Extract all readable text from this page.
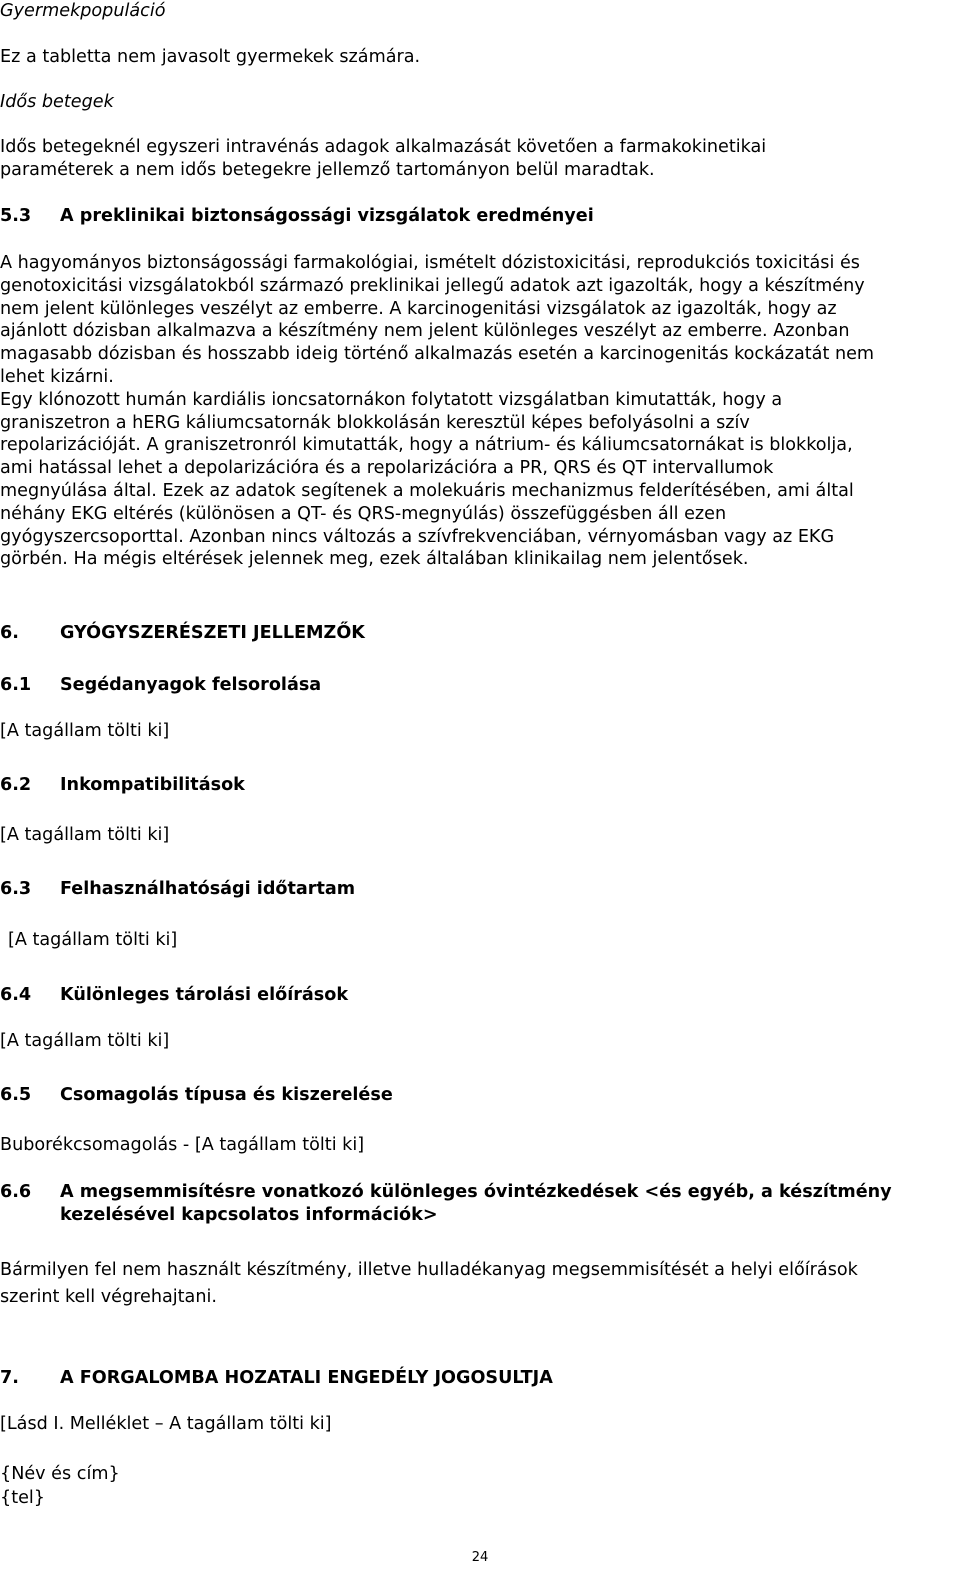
Gyermekpopuláció

Ez a tabletta nem javasolt gyermekek számára.

Idős betegek

Idős betegeknél egyszeri intravénás adagok alkalmazását követően a farmakokinetikai
paraméterek a nem idős betegekre jellemző tartományon belül maradtak.
5.3 A preklinikai biztonságossági vizsgálatok eredményei
A hagyományos biztonságossági farmakológiai, ismételt dózistoxicitási, reprodukciós toxicitási és
genotoxicitási vizsgálatokból származó preklinikai jellegű adatok azt igazolták, hogy a készítmény
nem jelent különleges veszélyt az emberre. A karcinogenitási vizsgálatok az igazolták, hogy az
ajánlott dózisban alkalmazva a készítmény nem jelent különleges veszélyt az emberre. Azonban
magasabb dózisban és hosszabb ideig történő alkalmazás esetén a karcinogenitás kockázatát nem
lehet kizárni.
Egy klónozott humán kardiális ioncsatornákon folytatott vizsgálatban kimutatták, hogy a
graniszetron a hERG káliumcsatornák blokkolásán keresztül képes befolyásolni a szív
repolarizációját. A graniszetronról kimutatták, hogy a nátrium- és káliumcsatornákat is blokkolja,
ami hatással lehet a depolarizációra és a repolarizációra a PR, QRS és QT intervallumok
megnyúlása által. Ezek az adatok segítenek a molekuáris mechanizmus felderítésében, ami által
néhány EKG eltérés (különösen a QT- és QRS-megnyúlás) összefüggésben áll ezen
gyógyszercsoporttal. Azonban nincs változás a szívfrekvenciában, vérnyomásban vagy az EKG
görbén. Ha mégis eltérések jelennek meg, ezek általában klinikailag nem jelentősek.
6. GYÓGYSZERÉSZETI JELLEMZŐK
6.1 Segédanyagok felsorolása

[A tagállam tölti ki]

6.2 Inkompatibilitások

[A tagállam tölti ki]

6.3 Felhasználhatósági időtartam

[A tagállam tölti ki]

6.4 Különleges tárolási előírások

[A tagállam tölti ki]

6.5 Csomagolás típusa és kiszerelése

Buborékcsomagolás - [A tagállam tölti ki]

6.6 A megsemmisítésre vonatkozó különleges óvintézkedések <és egyéb, a készítmény
kezelésével kapcsolatos információk>
Bármilyen fel nem használt készítmény, illetve hulladékanyag megsemmisítését a helyi előírások
szerint kell végrehajtani.
7. A FORGALOMBA HOZATALI ENGEDÉLY JOGOSULTJA

[Lásd I. Melléklet – A tagállam tölti ki]

{Név és cím}

{tel}

24
